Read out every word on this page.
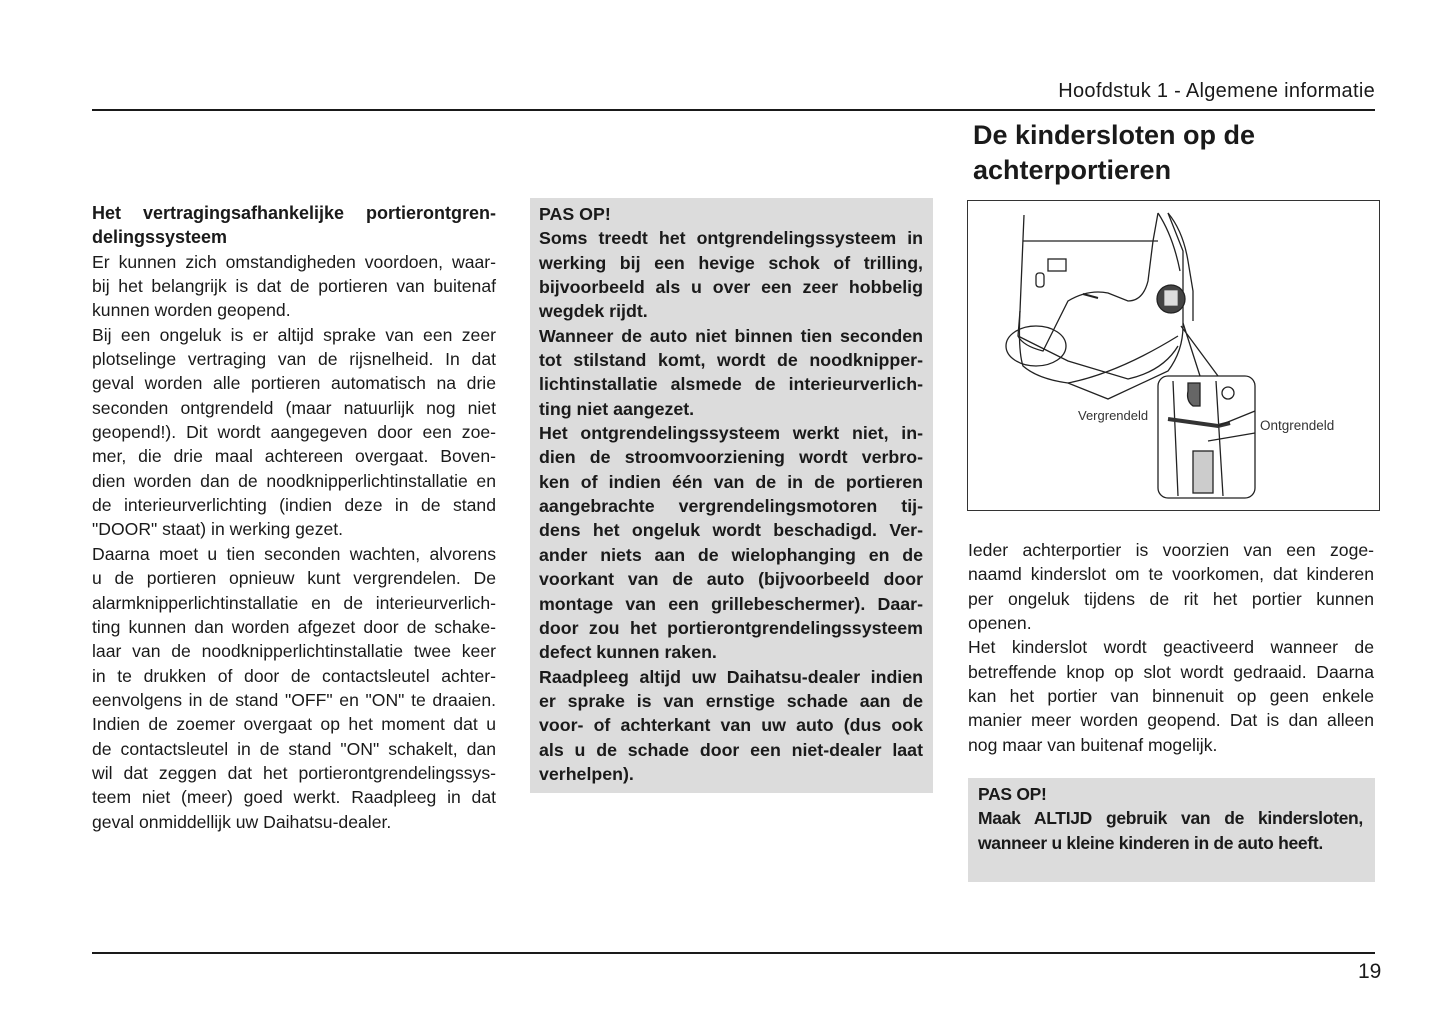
Hoofdstuk 1 - Algemene informatie
De kindersloten op de
achterportieren
Het vertragingsafhankelijke portierontgren-
delingssysteem
Er kunnen zich omstandigheden voordoen, waar-
bij het belangrijk is dat de portieren van buitenaf
kunnen worden geopend.
Bij een ongeluk is er altijd sprake van een zeer
plotselinge vertraging van de rijsnelheid. In dat
geval worden alle portieren automatisch na drie
seconden ontgrendeld (maar natuurlijk nog niet
geopend!). Dit wordt aangegeven door een zoe-
mer, die drie maal achtereen overgaat. Boven-
dien worden dan de noodknipperlichtinstallatie en
de interieurverlichting (indien deze in de stand
"DOOR" staat) in werking gezet.
Daarna moet u tien seconden wachten, alvorens
u de portieren opnieuw kunt vergrendelen. De
alarmknipperlichtinstallatie en de interieurverlich-
ting kunnen dan worden afgezet door de schake-
laar van de noodknipperlichtinstallatie twee keer
in te drukken of door de contactsleutel achter-
eenvolgens in de stand "OFF" en "ON" te draaien.
Indien de zoemer overgaat op het moment dat u
de contactsleutel in de stand "ON" schakelt, dan
wil dat zeggen dat het portierontgrendelingssys-
teem niet (meer) goed werkt. Raadpleeg in dat
geval onmiddellijk uw Daihatsu-dealer.
PAS OP!
Soms treedt het ontgrendelingssysteem in
werking bij een hevige schok of trilling,
bijvoorbeeld als u over een zeer hobbelig
wegdek rijdt.
Wanneer de auto niet binnen tien seconden
tot stilstand komt, wordt de noodknipper-
lichtinstallatie alsmede de interieurverlich-
ting niet aangezet.
Het ontgrendelingssysteem werkt niet, in-
dien de stroomvoorziening wordt verbro-
ken of indien één van de in de portieren
aangebrachte vergrendelingsmotoren tij-
dens het ongeluk wordt beschadigd. Ver-
ander niets aan de wielophanging en de
voorkant van de auto (bijvoorbeeld door
montage van een grillebeschermer). Daar-
door zou het portierontgrendelingssysteem
defect kunnen raken.
Raadpleeg altijd uw Daihatsu-dealer indien
er sprake is van ernstige schade aan de
voor- of achterkant van uw auto (dus ook
als u de schade door een niet-dealer laat
verhelpen).
Vergrendeld
Ontgrendeld
Ieder achterportier is voorzien van een zoge-
naamd kinderslot om te voorkomen, dat kinderen
per ongeluk tijdens de rit het portier kunnen
openen.
Het kinderslot wordt geactiveerd wanneer de
betreffende knop op slot wordt gedraaid. Daarna
kan het portier van binnenuit op geen enkele
manier meer worden geopend. Dat is dan alleen
nog maar van buitenaf mogelijk.
PAS OP!
Maak ALTIJD gebruik van de kindersloten,
wanneer u kleine kinderen in de auto heeft.
19
